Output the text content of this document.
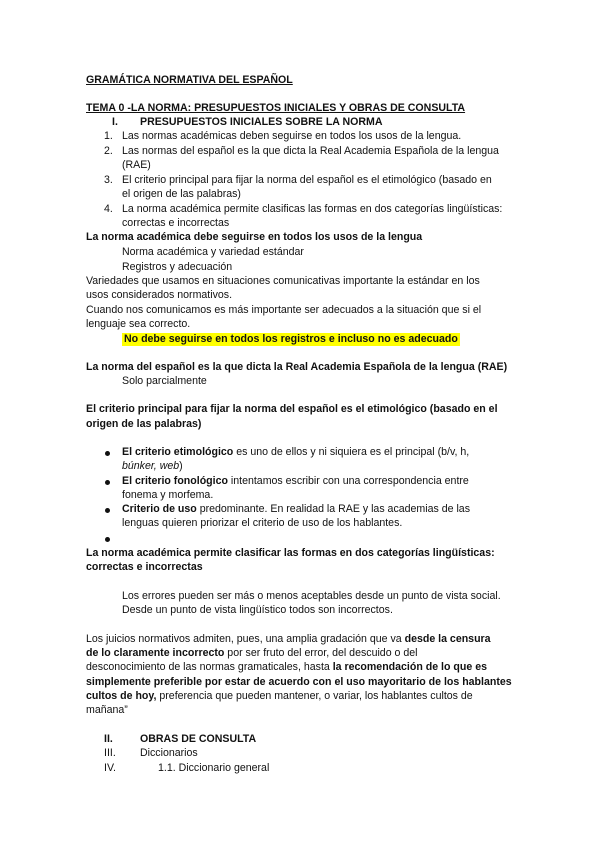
GRAMÁTICA NORMATIVA DEL ESPAÑOL
TEMA 0 -LA NORMA: PRESUPUESTOS INICIALES Y OBRAS DE CONSULTA
I. PRESUPUESTOS INICIALES SOBRE LA NORMA
1. Las normas académicas deben seguirse en todos los usos de la lengua.
2. Las normas del español es la que dicta la Real Academia Española de la lengua
(RAE)
3. El criterio principal para fijar la norma del español es el etimológico (basado en
el origen de las palabras)
4. La norma académica permite clasificas las formas en dos categorías lingüísticas:
correctas e incorrectas
La norma académica debe seguirse en todos los usos de la lengua
Norma académica y variedad estándar
Registros y adecuación
Variedades que usamos en situaciones comunicativas importante la estándar en los
usos considerados normativos.
Cuando nos comunicamos es más importante ser adecuados a la situación que si el
lenguaje sea correcto.
No debe seguirse en todos los registros e incluso no es adecuado
La norma del español es la que dicta la Real Academia Española de la lengua (RAE)
Solo parcialmente
El criterio principal para fijar la norma del español es el etimológico (basado en el
origen de las palabras)
El criterio etimológico es uno de ellos y ni siquiera es el principal (b/v, h,
búnker, web)
El criterio fonológico intentamos escribir con una correspondencia entre
fonema y morfema.
Criterio de uso predominante. En realidad la RAE y las academias de las
lenguas quieren priorizar el criterio de uso de los hablantes.
La norma académica permite clasificar las formas en dos categorías lingüísticas:
correctas e incorrectas
Los errores pueden ser más o menos aceptables desde un punto de vista social.
Desde un punto de vista lingüístico todos son incorrectos.
Los juicios normativos admiten, pues, una amplia gradación que va desde la censura
de lo claramente incorrecto por ser fruto del error, del descuido o del
desconocimiento de las normas gramaticales, hasta la recomendación de lo que es
simplemente preferible por estar de acuerdo con el uso mayoritario de los hablantes
cultos de hoy, preferencia que pueden mantener, o variar, los hablantes cultos de
mañana”
II.	OBRAS DE CONSULTA
III. Diccionarios
IV.	1.1. Diccionario general
